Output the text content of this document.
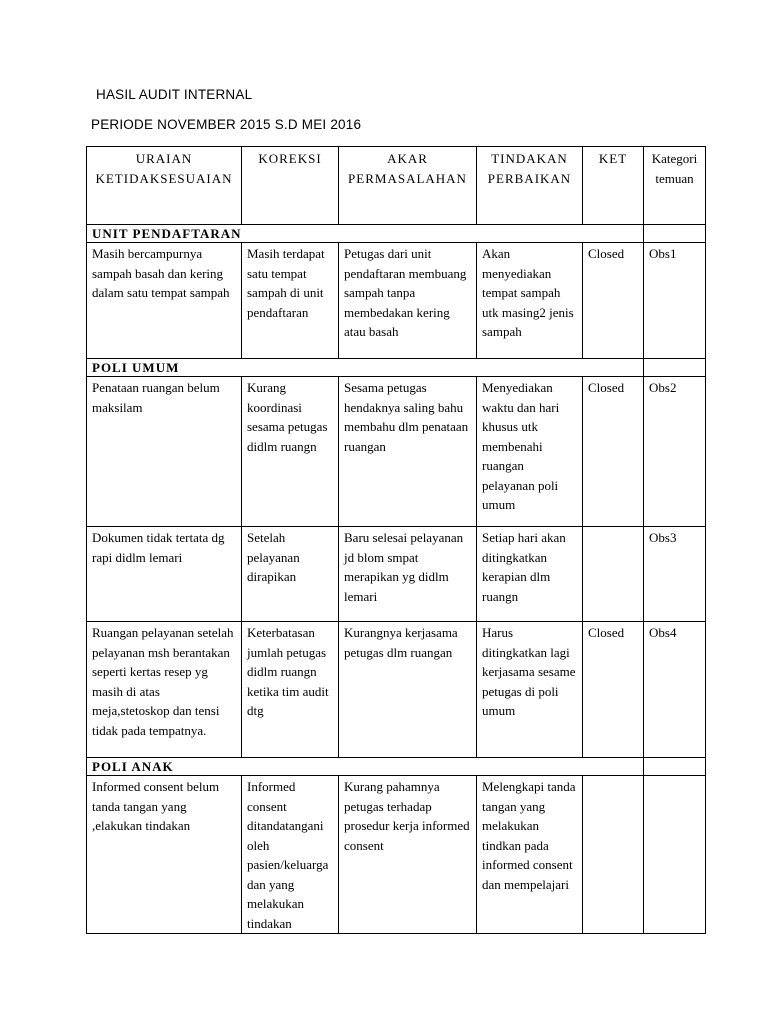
HASIL AUDIT INTERNAL
PERIODE NOVEMBER 2015 S.D MEI 2016
URAIAN KETIDAKSESUAIAN	KOREKSI	AKAR PERMASALAHAN	TINDAKAN PERBAIKAN	KET	Kategori temuan
UNIT PENDAFTARAN					
Masih bercampurnya sampah basah dan kering dalam satu tempat sampah	Masih terdapat satu tempat sampah di unit pendaftaran	Petugas dari unit pendaftaran membuang sampah tanpa membedakan kering atau basah	Akan menyediakan tempat sampah utk masing2 jenis sampah	Closed	Obs1
POLI UMUM					
Penataan ruangan belum maksilam	Kurang koordinasi sesama petugas didlm ruangn	Sesama petugas hendaknya saling bahu membahu dlm penataan ruangan	Menyediakan waktu dan hari khusus utk membenahi ruangan pelayanan poli umum	Closed	Obs2
Dokumen tidak tertata dg rapi didlm lemari	Setelah pelayanan dirapikan	Baru selesai pelayanan jd blom smpat merapikan yg didlm lemari	Setiap hari akan ditingkatkan kerapian dlm ruangn		Obs3
Ruangan pelayanan setelah pelayanan msh berantakan seperti kertas resep yg masih di atas meja,stetoskop dan tensi tidak pada tempatnya.	Keterbatasan jumlah petugas didlm ruangn ketika tim audit dtg	Kurangnya kerjasama petugas dlm ruangan	Harus ditingkatkan lagi kerjasama sesame petugas di poli umum	Closed	Obs4
POLI ANAK					
Informed consent belum tanda tangan yang ,elakukan tindakan	Informed consent ditandatangani oleh pasien/keluarga dan yang melakukan tindakan	Kurang pahamnya petugas terhadap prosedur kerja informed consent	Melengkapi tanda tangan yang melakukan tindkan pada informed consent dan mempelajari		
